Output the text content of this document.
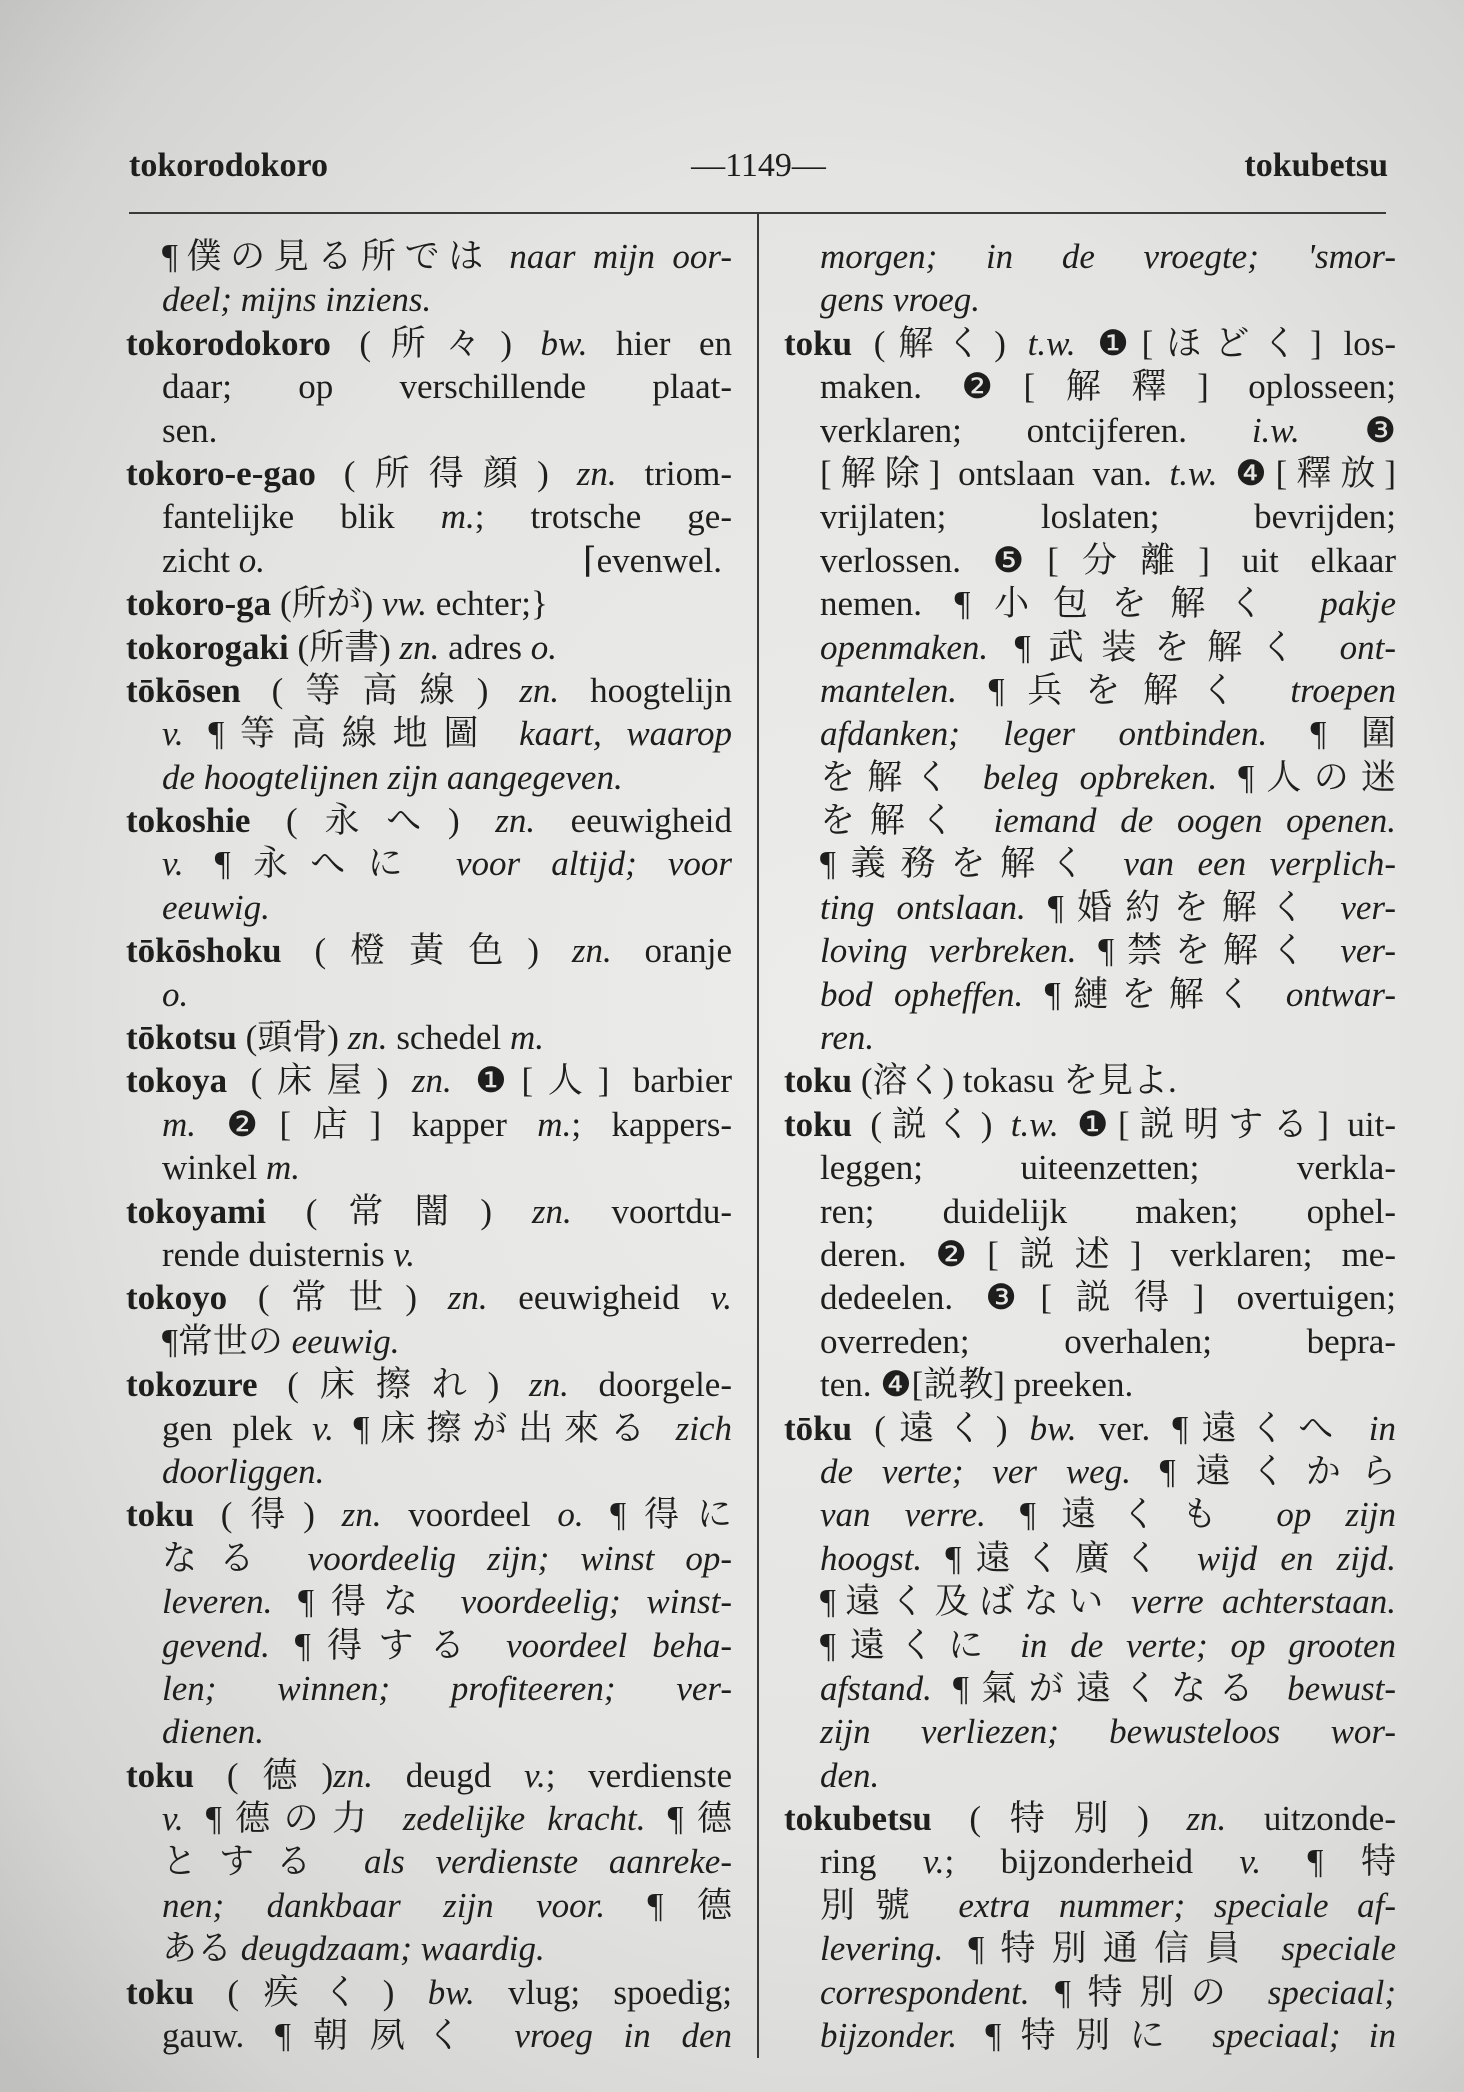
tokorodokoro	—1149—	tokubetsu
¶僕の見る所では naar mijn oor-
deel; mijns inziens.
tokorodokoro (所々) bw. hier en
daar; op verschillende plaat-
sen.
tokoro-e-gao (所得顔) zn. triom-
fantelijke blik m.; trotsche ge-
zicht o.	⌈evenwel.
tokoro-ga (所が) vw. echter;}
tokorogaki (所書) zn. adres o.
tōkōsen (等高線) zn. hoogtelijn
v. ¶等高線地圖 kaart, waarop
de hoogtelijnen zijn aangegeven.
tokoshie (永へ) zn. eeuwigheid
v. ¶永へに voor altijd; voor
eeuwig.
tōkōshoku (橙黃色) zn. oranje
o.
tōkotsu (頭骨) zn. schedel m.
tokoya (床屋) zn. ❶[人] barbier
m. ❷[店] kapper m.; kappers-
winkel m.
tokoyami (常闇) zn. voortdu-
rende duisternis v.
tokoyo (常世) zn. eeuwigheid v.
¶常世の eeuwig.
tokozure (床擦れ) zn. doorgele-
gen plek v. ¶床擦が出來る zich
doorliggen.
toku (得) zn. voordeel o. ¶得に
なる voordeelig zijn; winst op-
leveren. ¶得な voordeelig; winst-
gevend. ¶得する voordeel beha-
len; winnen; profiteeren; ver-
dienen.
toku (德)zn. deugd v.; verdienste
v. ¶德の力 zedelijke kracht. ¶德
とする als verdienste aanreke-
nen; dankbaar zijn voor. ¶德
ある deugdzaam; waardig.
toku (疾く) bw. vlug; spoedig;
gauw. ¶朝夙く vroeg in den
morgen; in de vroegte; 'smor-
gens vroeg.
toku (解く) t.w. ❶[ほどく] los-
maken. ❷[解釋] oplosseen;
verklaren; ontcijferen. i.w. ❸
[解除] ontslaan van. t.w. ❹[釋放]
vrijlaten; loslaten; bevrijden;
verlossen. ❺[分離] uit elkaar
nemen. ¶小包を解く pakje
openmaken. ¶武装を解く ont-
mantelen. ¶兵を解く troepen
afdanken; leger ontbinden. ¶圍
を解く beleg opbreken. ¶人の迷
を解く iemand de oogen openen.
¶義務を解く van een verplich-
ting ontslaan. ¶婚約を解く ver-
loving verbreken. ¶禁を解く ver-
bod opheffen. ¶縺を解く ontwar-
ren.
toku (溶く) tokasu を見よ.
toku (説く) t.w. ❶[説明する] uit-
leggen; uiteenzetten; verkla-
ren; duidelijk maken; ophel-
deren. ❷[説述] verklaren; me-
dedeelen. ❸[説得] overtuigen;
overreden; overhalen; bepra-
ten. ❹[説教] preeken.
tōku (遠く) bw. ver. ¶遠くへ in
de verte; ver weg. ¶遠くから
van verre. ¶遠くも op zijn
hoogst. ¶遠く廣く wijd en zijd.
¶遠く及ばない verre achterstaan.
¶遠くに in de verte; op grooten
afstand. ¶氣が遠くなる bewust-
zijn verliezen; bewusteloos wor-
den.
tokubetsu (特別) zn. uitzonde-
ring v.; bijzonderheid v. ¶特
別號 extra nummer; speciale af-
levering. ¶特別通信員 speciale
correspondent. ¶特別の speciaal;
bijzonder. ¶特別に speciaal; in
